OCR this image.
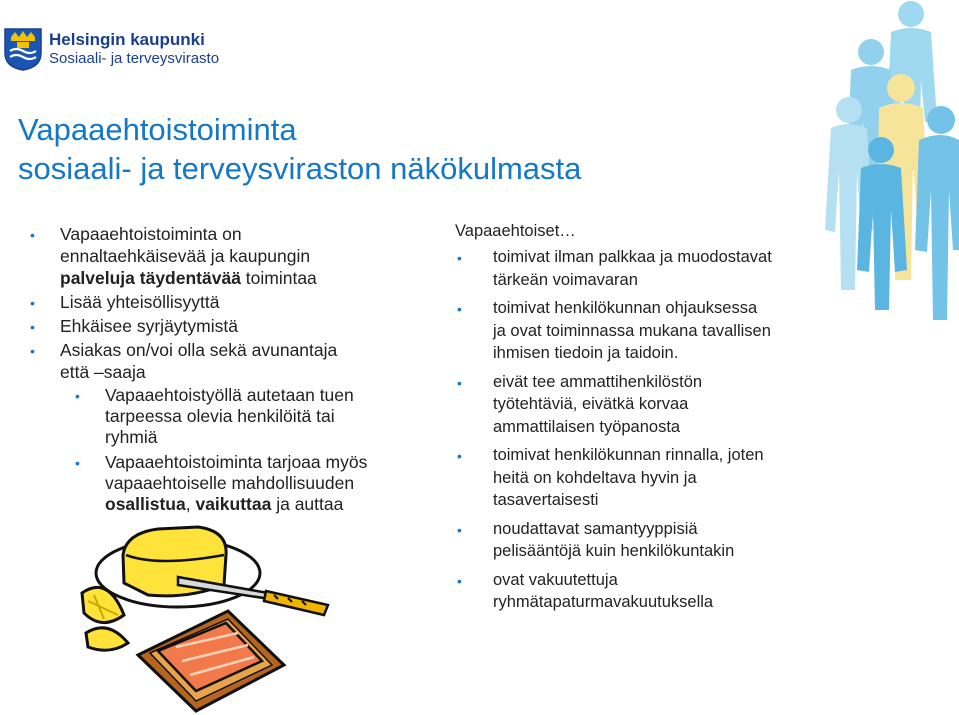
Helsingin kaupunki
Sosiaali- ja terveysvirasto
Vapaaehtoistoiminta
sosiaali- ja terveysviraston näkökulmasta
• Vapaaehtoistoiminta on
ennaltaehkäisevää ja kaupungin
palveluja täydentävää toimintaa
• Lisää yhteisöllisyyttä
• Ehkäisee syrjäytymistä
• Asiakas on/voi olla sekä avunantaja
että –saaja
• Vapaaehtoistyöllä autetaan tuen
tarpeessa olevia henkilöitä tai
ryhmiä
• Vapaaehtoistoiminta tarjoaa myös
vapaaehtoiselle mahdollisuuden
osallistua, vaikuttaa ja auttaa
Vapaaehtoiset…
• toimivat ilman palkkaa ja muodostavat
tärkeän voimavaran
• toimivat henkilökunnan ohjauksessa
ja ovat toiminnassa mukana tavallisen
ihmisen tiedoin ja taidoin.
• eivät tee ammattihenkilöstön
työtehtäviä, eivätkä korvaa
ammattilaisen työpanosta
• toimivat henkilökunnan rinnalla, joten
heitä on kohdeltava hyvin ja
tasavertaisesti
• noudattavat samantyyppisiä
pelisääntöjä kuin henkilökuntakin
• ovat vakuutettuja
ryhmätapaturmavakuutuksella
